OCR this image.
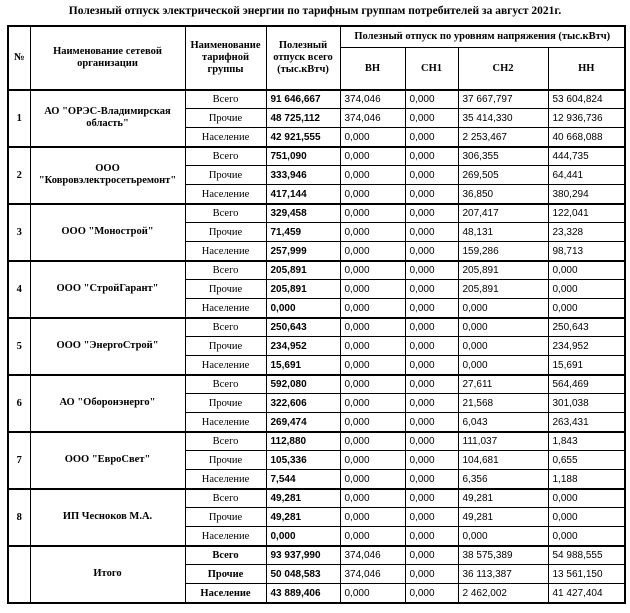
Полезный отпуск электрической энергии по тарифным группам потребителей за август 2021г.
№	Наименование сетевой организации	Наименование тарифной группы	Полезный отпуск всего (тыс.кВтч)	Полезный отпуск по уровням напряжения (тыс.кВтч)			
				ВН	СН1	СН2	НН
1	АО "ОРЭС-Владимирская область"	Всего	91 646,667	374,046	0,000	37 667,797	53 604,824
		Прочие	48 725,112	374,046	0,000	35 414,330	12 936,736
		Население	42 921,555	0,000	0,000	2 253,467	40 668,088
2	ООО "Ковровэлектросетьремонт"	Всего	751,090	0,000	0,000	306,355	444,735
		Прочие	333,946	0,000	0,000	269,505	64,441
		Население	417,144	0,000	0,000	36,850	380,294
3	ООО "Монострой"	Всего	329,458	0,000	0,000	207,417	122,041
		Прочие	71,459	0,000	0,000	48,131	23,328
		Население	257,999	0,000	0,000	159,286	98,713
4	ООО "СтройГарант"	Всего	205,891	0,000	0,000	205,891	0,000
		Прочие	205,891	0,000	0,000	205,891	0,000
		Население	0,000	0,000	0,000	0,000	0,000
5	ООО "ЭнергоСтрой"	Всего	250,643	0,000	0,000	0,000	250,643
		Прочие	234,952	0,000	0,000	0,000	234,952
		Население	15,691	0,000	0,000	0,000	15,691
6	АО "Оборонэнерго"	Всего	592,080	0,000	0,000	27,611	564,469
		Прочие	322,606	0,000	0,000	21,568	301,038
		Население	269,474	0,000	0,000	6,043	263,431
7	ООО "ЕвроСвет"	Всего	112,880	0,000	0,000	111,037	1,843
		Прочие	105,336	0,000	0,000	104,681	0,655
		Население	7,544	0,000	0,000	6,356	1,188
8	ИП Чесноков М.А.	Всего	49,281	0,000	0,000	49,281	0,000
		Прочие	49,281	0,000	0,000	49,281	0,000
		Население	0,000	0,000	0,000	0,000	0,000
	Итого	Всего	93 937,990	374,046	0,000	38 575,389	54 988,555
		Прочие	50 048,583	374,046	0,000	36 113,387	13 561,150
		Население	43 889,406	0,000	0,000	2 462,002	41 427,404
